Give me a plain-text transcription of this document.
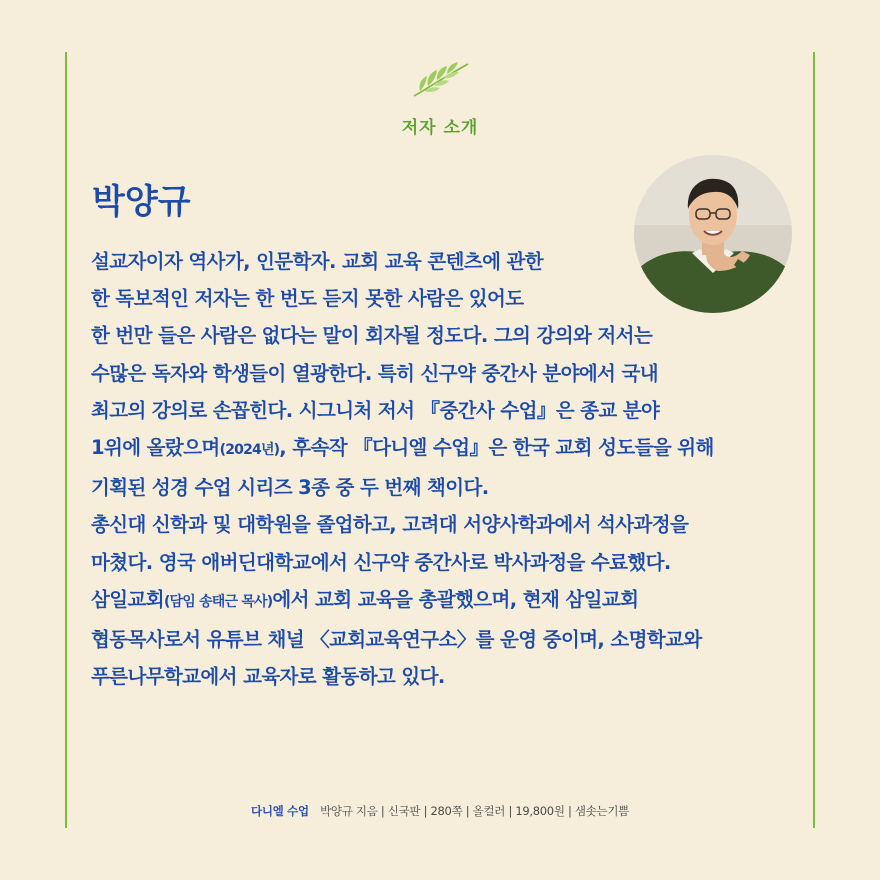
저자 소개
박양규
설교자이자 역사가, 인문학자. 교회 교육 콘텐츠에 관한
한 독보적인 저자는 한 번도 듣지 못한 사람은 있어도
한 번만 들은 사람은 없다는 말이 회자될 정도다. 그의 강의와 저서는
수많은 독자와 학생들이 열광한다. 특히 신구약 중간사 분야에서 국내
최고의 강의로 손꼽힌다. 시그니처 저서 『중간사 수업』은 종교 분야
1위에 올랐으며(2024년), 후속작 『다니엘 수업』은 한국 교회 성도들을 위해
기획된 성경 수업 시리즈 3종 중 두 번째 책이다.
총신대 신학과 및 대학원을 졸업하고, 고려대 서양사학과에서 석사과정을
마쳤다. 영국 애버딘대학교에서 신구약 중간사로 박사과정을 수료했다.
삼일교회(담임 송태근 목사)에서 교회 교육을 총괄했으며, 현재 삼일교회
협동목사로서 유튜브 채널 〈교회교육연구소〉를 운영 중이며, 소명학교와
푸른나무학교에서 교육자로 활동하고 있다.
다니엘 수업 박양규 지음 | 신국판 | 280쪽 | 올컬러 | 19,800원 | 샘솟는기쁨
